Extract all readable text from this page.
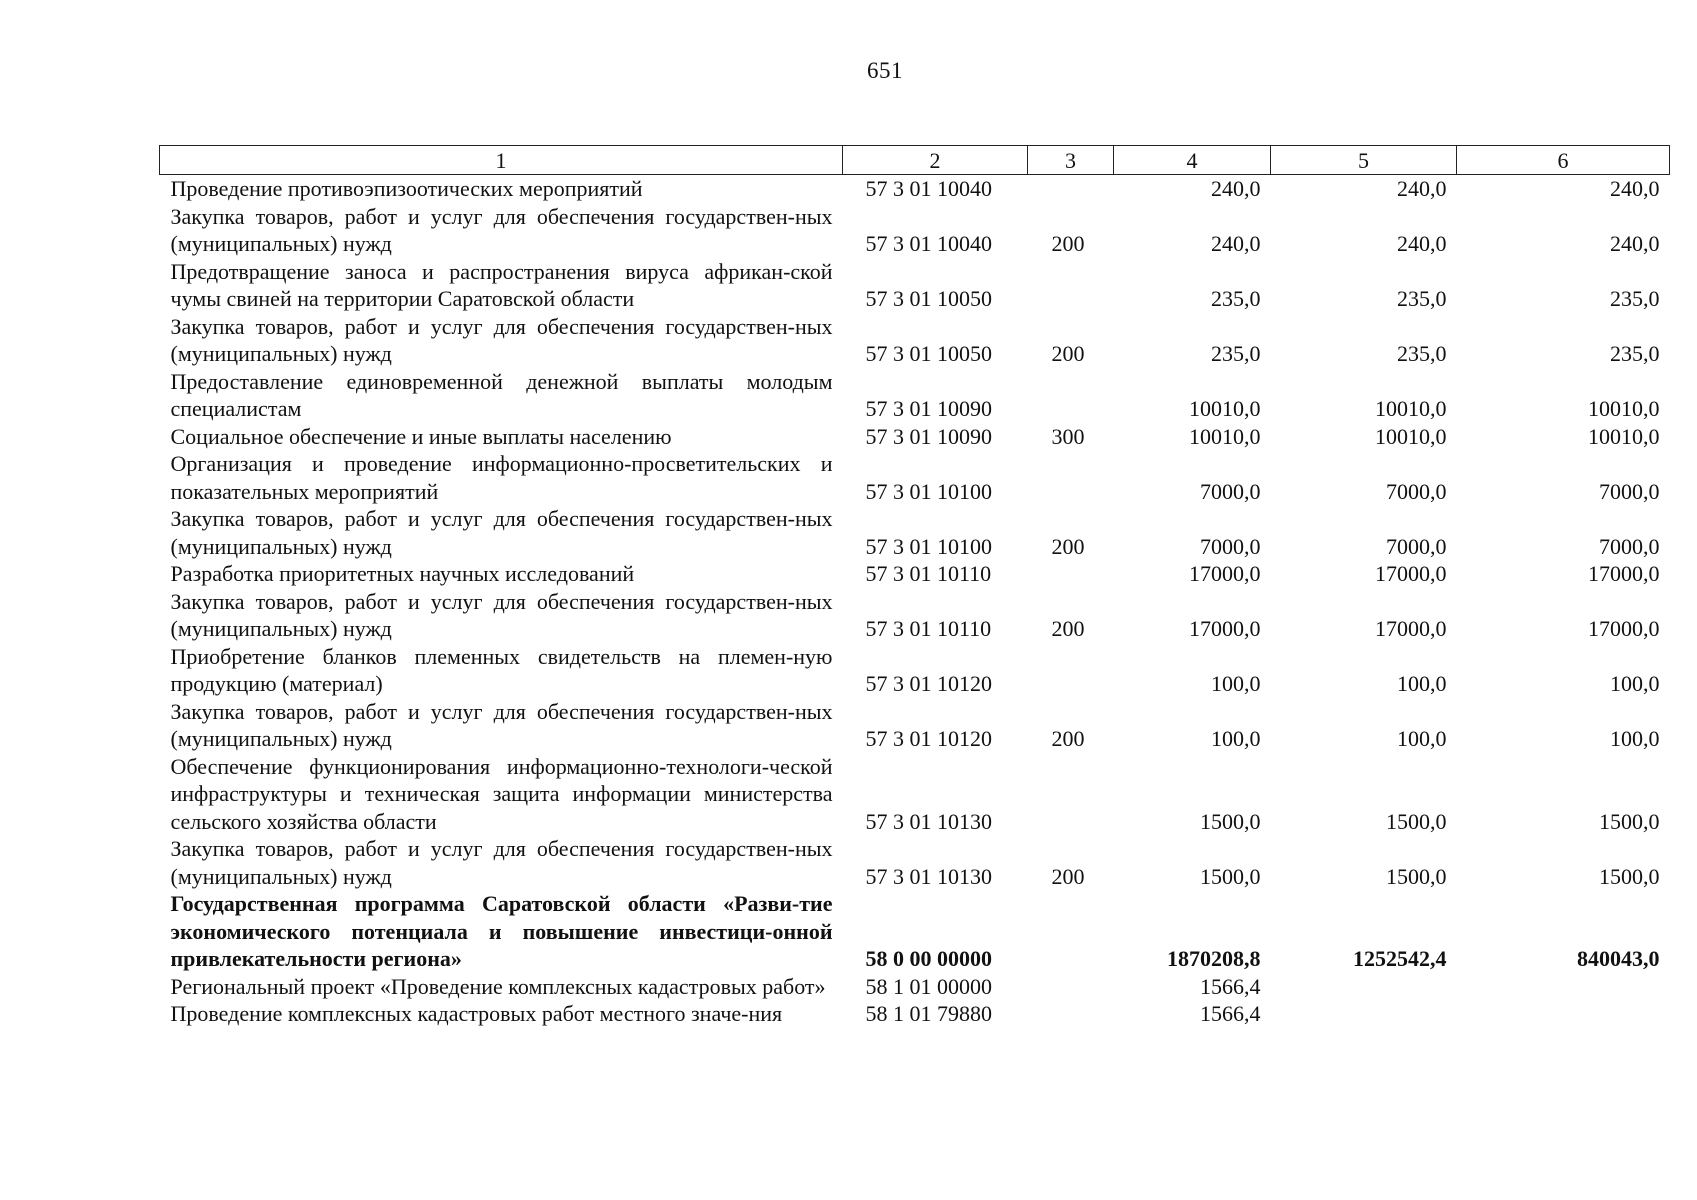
651
1	2	3	4	5	6
Проведение противоэпизоотических мероприятий	57 3 01 10040		240,0	240,0	240,0
Закупка товаров, работ и услуг для обеспечения государствен-ных (муниципальных) нужд	57 3 01 10040	200	240,0	240,0	240,0
Предотвращение заноса и распространения вируса африкан-ской чумы свиней на территории Саратовской области	57 3 01 10050		235,0	235,0	235,0
Закупка товаров, работ и услуг для обеспечения государствен-ных (муниципальных) нужд	57 3 01 10050	200	235,0	235,0	235,0
Предоставление единовременной денежной выплаты молодым специалистам	57 3 01 10090		10010,0	10010,0	10010,0
Социальное обеспечение и иные выплаты населению	57 3 01 10090	300	10010,0	10010,0	10010,0
Организация и проведение информационно-просветительских и показательных мероприятий	57 3 01 10100		7000,0	7000,0	7000,0
Закупка товаров, работ и услуг для обеспечения государствен-ных (муниципальных) нужд	57 3 01 10100	200	7000,0	7000,0	7000,0
Разработка приоритетных научных исследований	57 3 01 10110		17000,0	17000,0	17000,0
Закупка товаров, работ и услуг для обеспечения государствен-ных (муниципальных) нужд	57 3 01 10110	200	17000,0	17000,0	17000,0
Приобретение бланков племенных свидетельств на племен-ную продукцию (материал)	57 3 01 10120		100,0	100,0	100,0
Закупка товаров, работ и услуг для обеспечения государствен-ных (муниципальных) нужд	57 3 01 10120	200	100,0	100,0	100,0
Обеспечение функционирования информационно-технологи-ческой инфраструктуры и техническая защита информации министерства сельского хозяйства области	57 3 01 10130		1500,0	1500,0	1500,0
Закупка товаров, работ и услуг для обеспечения государствен-ных (муниципальных) нужд	57 3 01 10130	200	1500,0	1500,0	1500,0
Государственная программа Саратовской области «Разви-тие экономического потенциала и повышение инвестици-онной привлекательности региона»	58 0 00 00000		1870208,8	1252542,4	840043,0
Региональный проект «Проведение комплексных кадастровых работ»	58 1 01 00000		1566,4		
Проведение комплексных кадастровых работ местного значе-ния	58 1 01 79880		1566,4		
